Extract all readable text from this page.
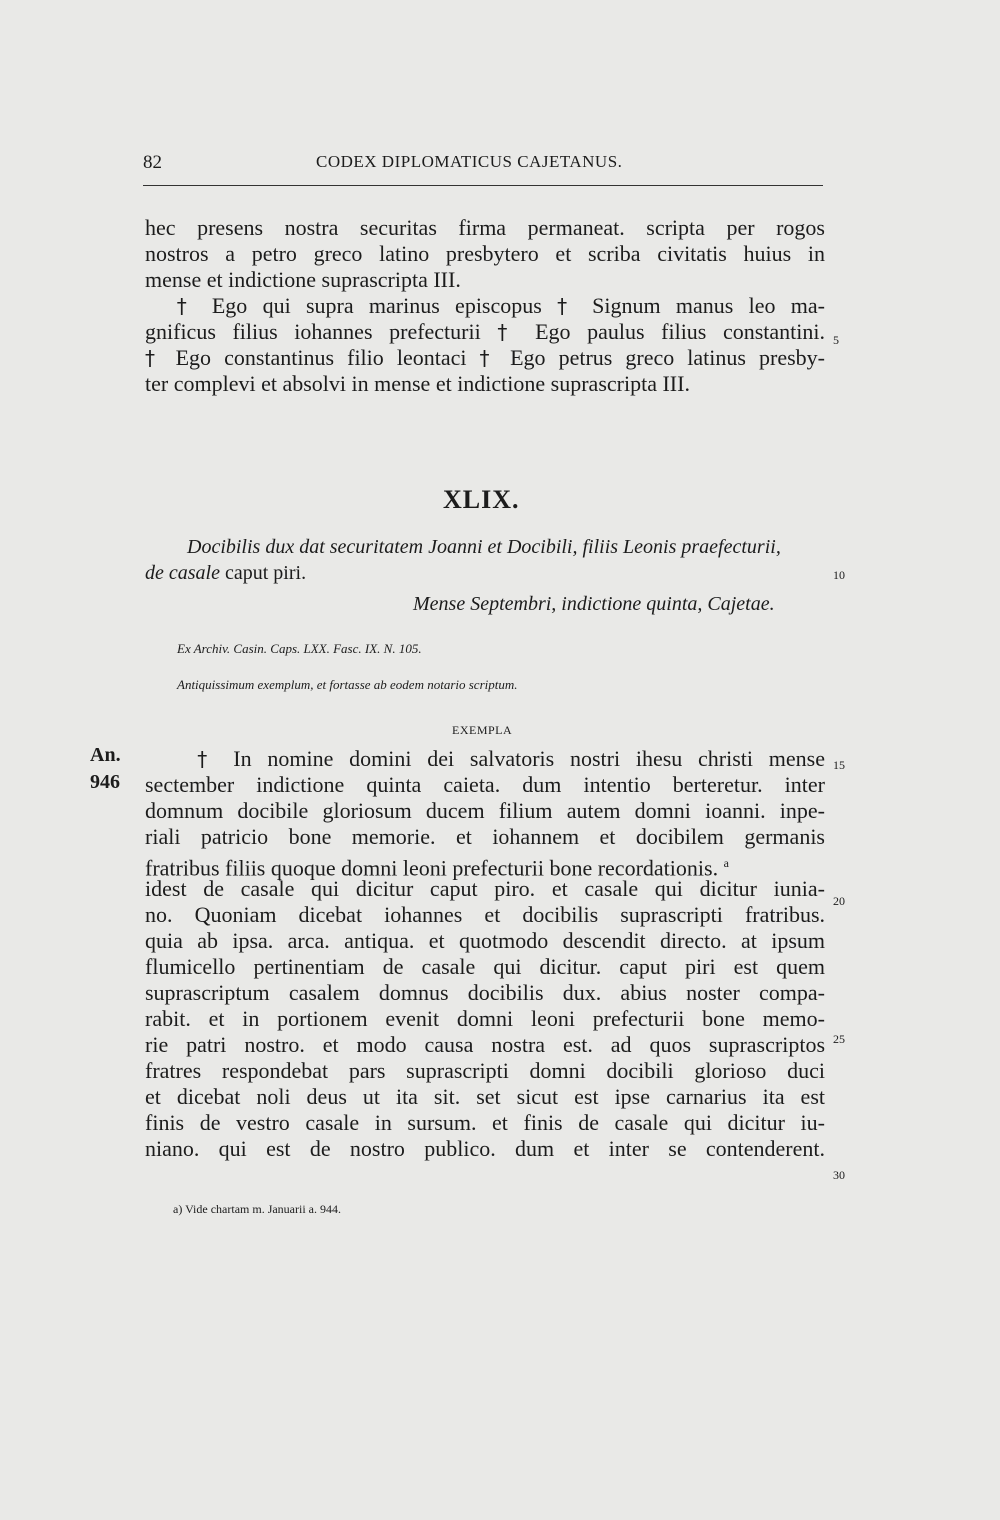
82	CODEX DIPLOMATICUS CAJETANUS.
hec presens nostra securitas firma permaneat. scripta per rogos
nostros a petro greco latino presbytero et scriba civitatis huius in
mense et indictione suprascripta III.
† Ego qui supra marinus episcopus † Signum manus leo ma-
gnificus filius iohannes prefecturii † Ego paulus filius constantini.
† Ego constantinus filio leontaci † Ego petrus greco latinus presby-
ter complevi et absolvi in mense et indictione suprascripta III.
5
XLIX.
Docibilis dux dat securitatem Joanni et Docibili, filiis Leonis praefecturii,
de casale caput piri.	10
Mense Septembri, indictione quinta, Cajetae.
Ex Archiv. Casin. Caps. LXX. Fasc. IX. N. 105.
Antiquissimum exemplum, et fortasse ab eodem notario scriptum.
EXEMPLA
An.
946
† In nomine domini dei salvatoris nostri ihesu christi mense 15
sectember indictione quinta caieta. dum intentio berteretur. inter
domnum docibile gloriosum ducem filium autem domni ioanni. inpe-
riali patricio bone memorie. et iohannem et docibilem germanis
fratribus filiis quoque domni leoni prefecturii bone recordationis. $^a$
idest de casale qui dicitur caput piro. et casale qui dicitur iunia- 20
no. Quoniam dicebat iohannes et docibilis suprascripti fratribus.
quia ab ipsa. arca. antiqua. et quotmodo descendit directo. at ipsum
flumicello pertinentiam de casale qui dicitur. caput piri est quem
suprascriptum casalem domnus docibilis dux. abius noster compa-
rabit. et in portionem evenit domni leoni prefecturii bone memo-
25
rie patri nostro. et modo causa nostra est. ad quos suprascriptos
fratres respondebat pars suprascripti domni docibili glorioso duci
et dicebat noli deus ut ita sit. set sicut est ipse carnarius ita est
finis de vestro casale in sursum. et finis de casale qui dicitur iu-
niano. qui est de nostro publico. dum et inter se contenderent.
30
a) Vide chartam m. Januarii a. 944.
